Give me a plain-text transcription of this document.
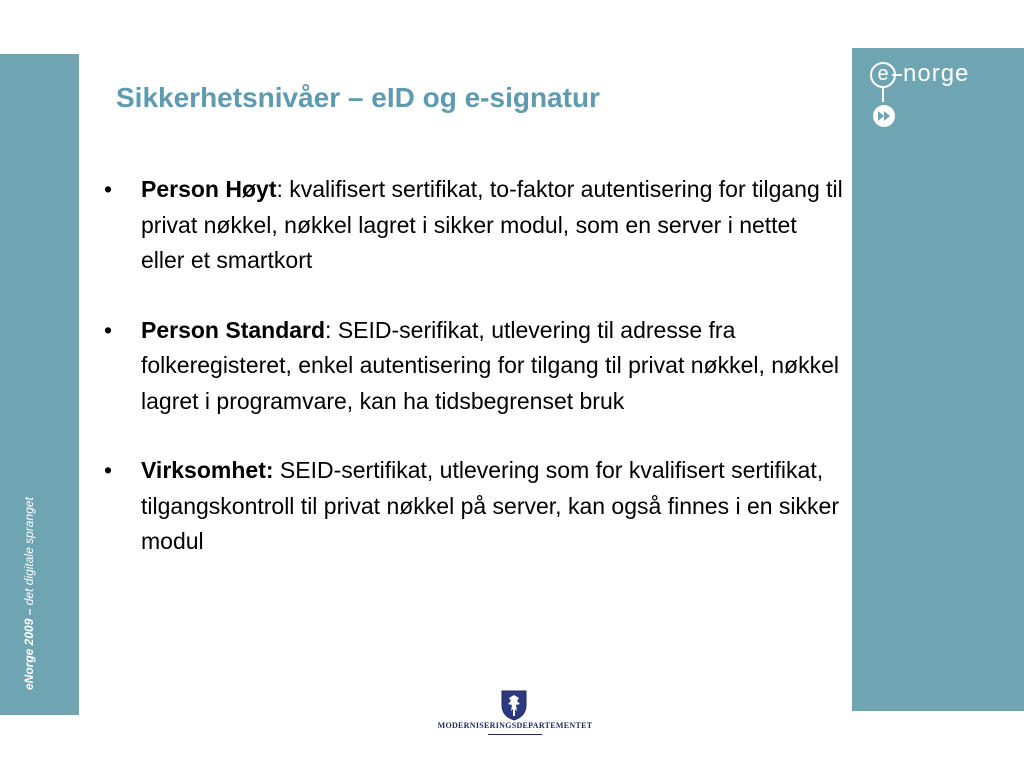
eNorge 2009 – det digitale spranget
e norge
Sikkerhetsnivåer – eID og e-signatur
• Person Høyt: kvalifisert sertifikat, to-faktor autentisering for tilgang til privat nøkkel, nøkkel lagret i sikker modul, som en server i nettet eller et smartkort
• Person Standard: SEID-serifikat, utlevering til adresse fra folkeregisteret, enkel autentisering for tilgang til privat nøkkel, nøkkel lagret i programvare, kan ha tidsbegrenset bruk
• Virksomhet: SEID-sertifikat, utlevering som for kvalifisert sertifikat, tilgangskontroll til privat nøkkel på server, kan også finnes i en sikker modul
MODERNISERINGSDEPARTEMENTET
